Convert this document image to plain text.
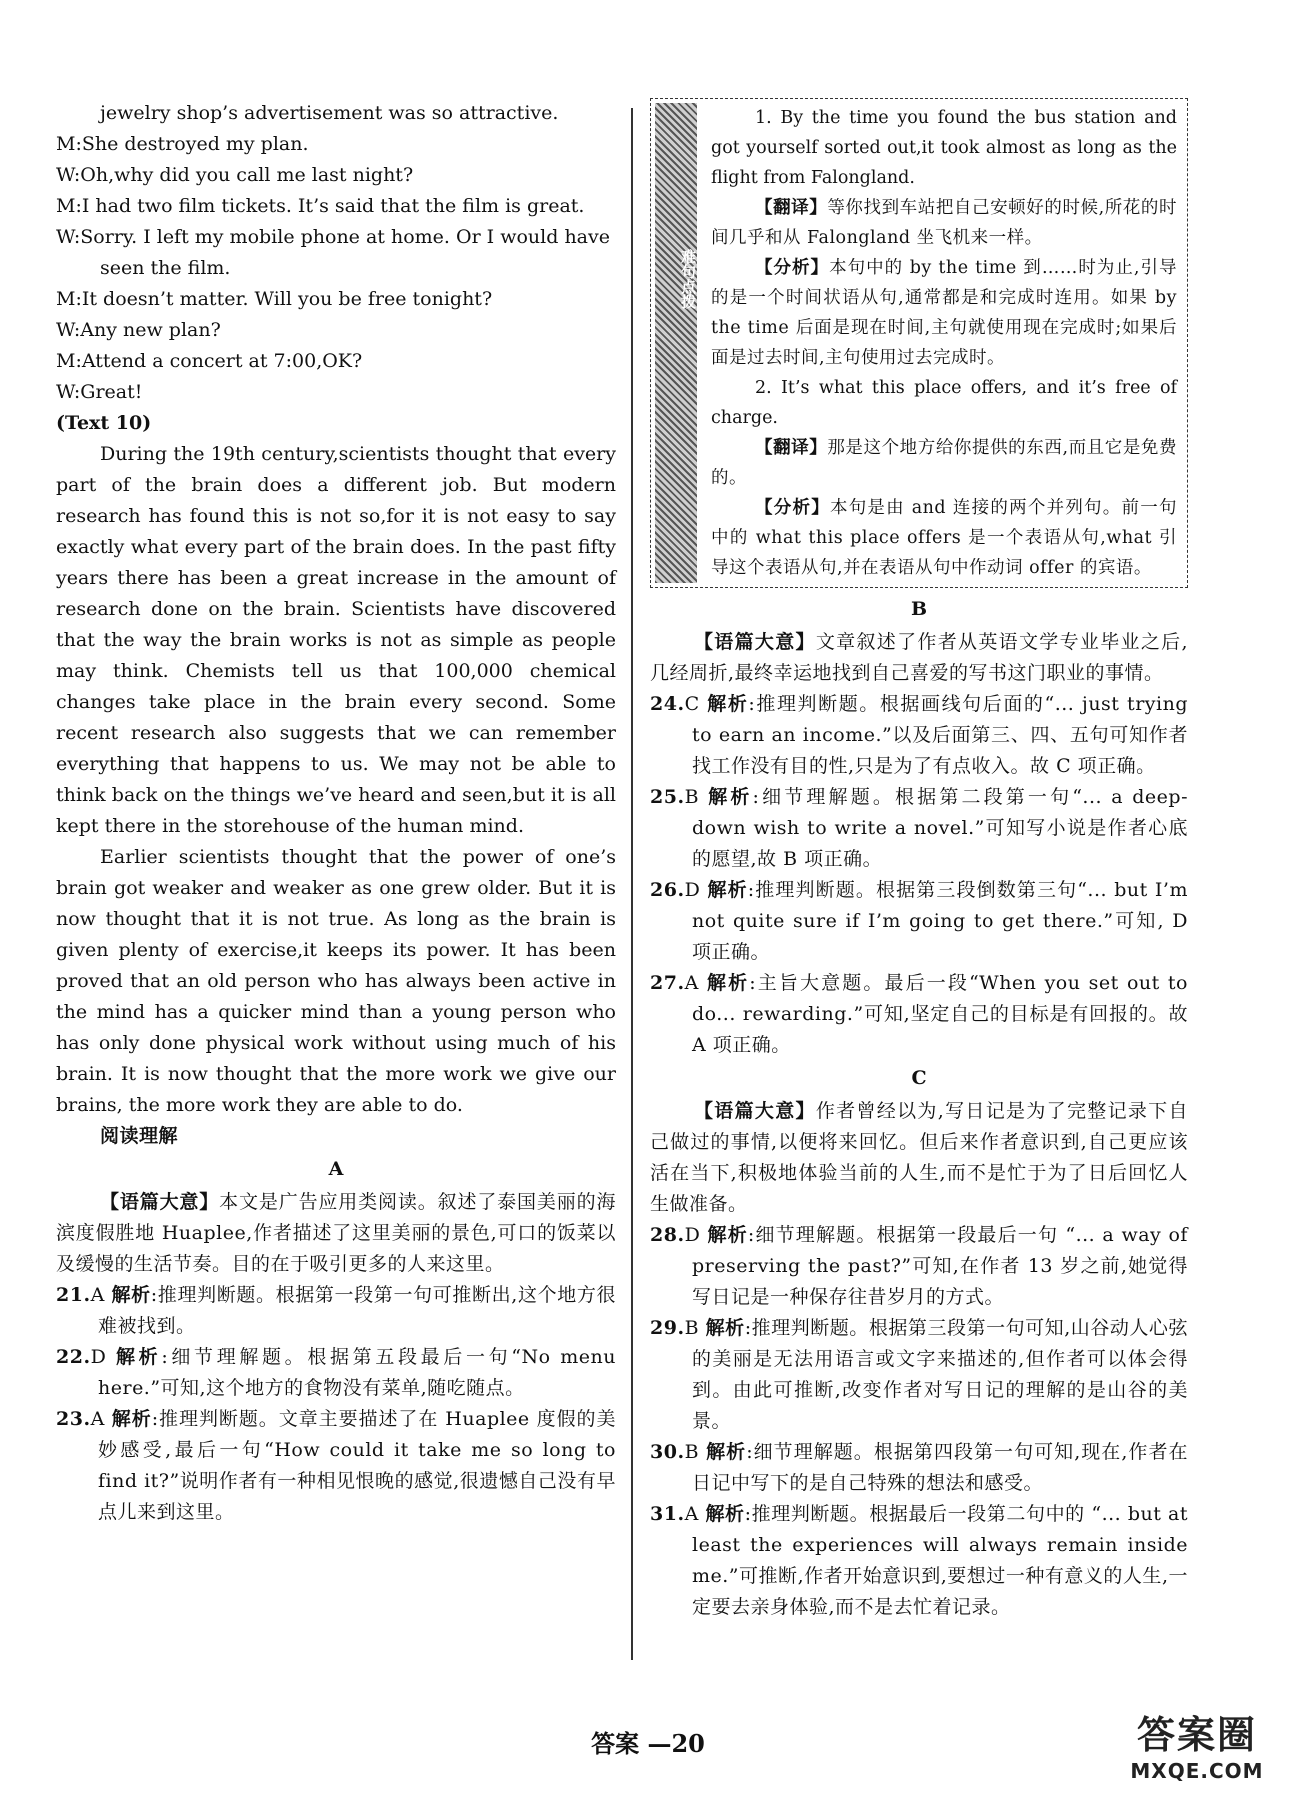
jewelry shop’s advertisement was so attractive.

M:She destroyed my plan.

W:Oh,why did you call me last night?

M:I had two film tickets. It’s said that the film is great.

W:Sorry. I left my mobile phone at home. Or I would have seen the film.

M:It doesn’t matter. Will you be free tonight?

W:Any new plan?

M:Attend a concert at 7:00,OK?

W:Great!

(Text 10)

During the 19th century,scientists thought that every part of the brain does a different job. But modern research has found this is not so,for it is not easy to say exactly what every part of the brain does. In the past fifty years there has been a great increase in the amount of research done on the brain. Scientists have discovered that the way the brain works is not as simple as people may think. Chemists tell us that 100,000 chemical changes take place in the brain every second. Some recent research also suggests that we can remember everything that happens to us. We may not be able to think back on the things we’ve heard and seen,but it is all kept there in the storehouse of the human mind.

Earlier scientists thought that the power of one’s brain got weaker and weaker as one grew older. But it is now thought that it is not true. As long as the brain is given plenty of exercise,it keeps its power. It has been proved that an old person who has always been active in the mind has a quicker mind than a young person who has only done physical work without using much of his brain. It is now thought that the more work we give our brains, the more work they are able to do.

阅读理解

A

【语篇大意】本文是广告应用类阅读。叙述了泰国美丽的海滨度假胜地 Huaplee,作者描述了这里美丽的景色,可口的饭菜以及缓慢的生活节奏。目的在于吸引更多的人来这里。

21.A 解析:推理判断题。根据第一段第一句可推断出,这个地方很难被找到。

22.D 解析:细节理解题。根据第五段最后一句“No menu here.”可知,这个地方的食物没有菜单,随吃随点。

23.A 解析:推理判断题。文章主要描述了在 Huaplee 度假的美妙感受,最后一句“How could it take me so long to find it?”说明作者有一种相见恨晚的感觉,很遗憾自己没有早点儿来到这里。

难句点拨

1. By the time you found the bus station and got yourself sorted out,it took almost as long as the flight from Falongland.

【翻译】等你找到车站把自己安顿好的时候,所花的时间几乎和从 Falongland 坐飞机来一样。

【分析】本句中的 by the time 到……时为止,引导的是一个时间状语从句,通常都是和完成时连用。如果 by the time 后面是现在时间,主句就使用现在完成时;如果后面是过去时间,主句使用过去完成时。

2. It’s what this place offers, and it’s free of charge.

【翻译】那是这个地方给你提供的东西,而且它是免费的。

【分析】本句是由 and 连接的两个并列句。前一句中的 what this place offers 是一个表语从句,what 引导这个表语从句,并在表语从句中作动词 offer 的宾语。

B

【语篇大意】文章叙述了作者从英语文学专业毕业之后,几经周折,最终幸运地找到自己喜爱的写书这门职业的事情。

24.C 解析:推理判断题。根据画线句后面的“... just trying to earn an income.”以及后面第三、四、五句可知作者找工作没有目的性,只是为了有点收入。故 C 项正确。

25.B 解析:细节理解题。根据第二段第一句“... a deep-down wish to write a novel.”可知写小说是作者心底的愿望,故 B 项正确。

26.D 解析:推理判断题。根据第三段倒数第三句“... but I’m not quite sure if I’m going to get there.”可知, D 项正确。

27.A 解析:主旨大意题。最后一段“When you set out to do... rewarding.”可知,坚定自己的目标是有回报的。故 A 项正确。

C

【语篇大意】作者曾经以为,写日记是为了完整记录下自己做过的事情,以便将来回忆。但后来作者意识到,自己更应该活在当下,积极地体验当前的人生,而不是忙于为了日后回忆人生做准备。

28.D 解析:细节理解题。根据第一段最后一句 “... a way of preserving the past?”可知,在作者 13 岁之前,她觉得写日记是一种保存往昔岁月的方式。

29.B 解析:推理判断题。根据第三段第一句可知,山谷动人心弦的美丽是无法用语言或文字来描述的,但作者可以体会得到。由此可推断,改变作者对写日记的理解的是山谷的美景。

30.B 解析:细节理解题。根据第四段第一句可知,现在,作者在日记中写下的是自己特殊的想法和感受。

31.A 解析:推理判断题。根据最后一段第二句中的 “... but at least the experiences will always remain inside me.”可推断,作者开始意识到,要想过一种有意义的人生,一定要去亲身体验,而不是去忙着记录。

答案 —20	答案圈
MXQE.COM
